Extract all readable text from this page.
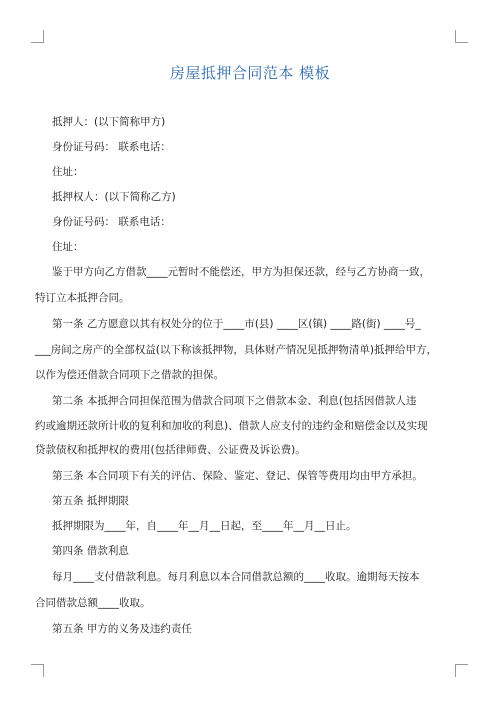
房屋抵押合同范本 模板
抵押人：(以下简称甲方)
身份证号码： 联系电话：
住址：
抵押权人：(以下简称乙方)
身份证号码： 联系电话：
住址：
鉴于甲方向乙方借款____元暂时不能偿还，甲方为担保还款，经与乙方协商一致，
特订立本抵押合同。
第一条 乙方愿意以其有权处分的位于____市(县) ____区(镇) ____路(街) ____号_
___房间之房产的全部权益(以下称该抵押物，具体财产情况见抵押物清单)抵押给甲方，
以作为偿还借款合同项下之借款的担保。
第二条 本抵押合同担保范围为借款合同项下之借款本金、利息(包括因借款人违
约或逾期还款所计收的复利和加收的利息)、借款人应支付的违约金和赔偿金以及实现
贷款债权和抵押权的费用(包括律师费、公证费及诉讼费)。
第三条 本合同项下有关的评估、保险、鉴定、登记、保管等费用均由甲方承担。
第五条 抵押期限
抵押期限为____年，自____年__月__日起，至____年__月__日止。
第四条 借款利息
每月____支付借款利息。每月利息以本合同借款总额的____收取。逾期每天按本
合同借款总额____收取。
第五条 甲方的义务及违约责任
